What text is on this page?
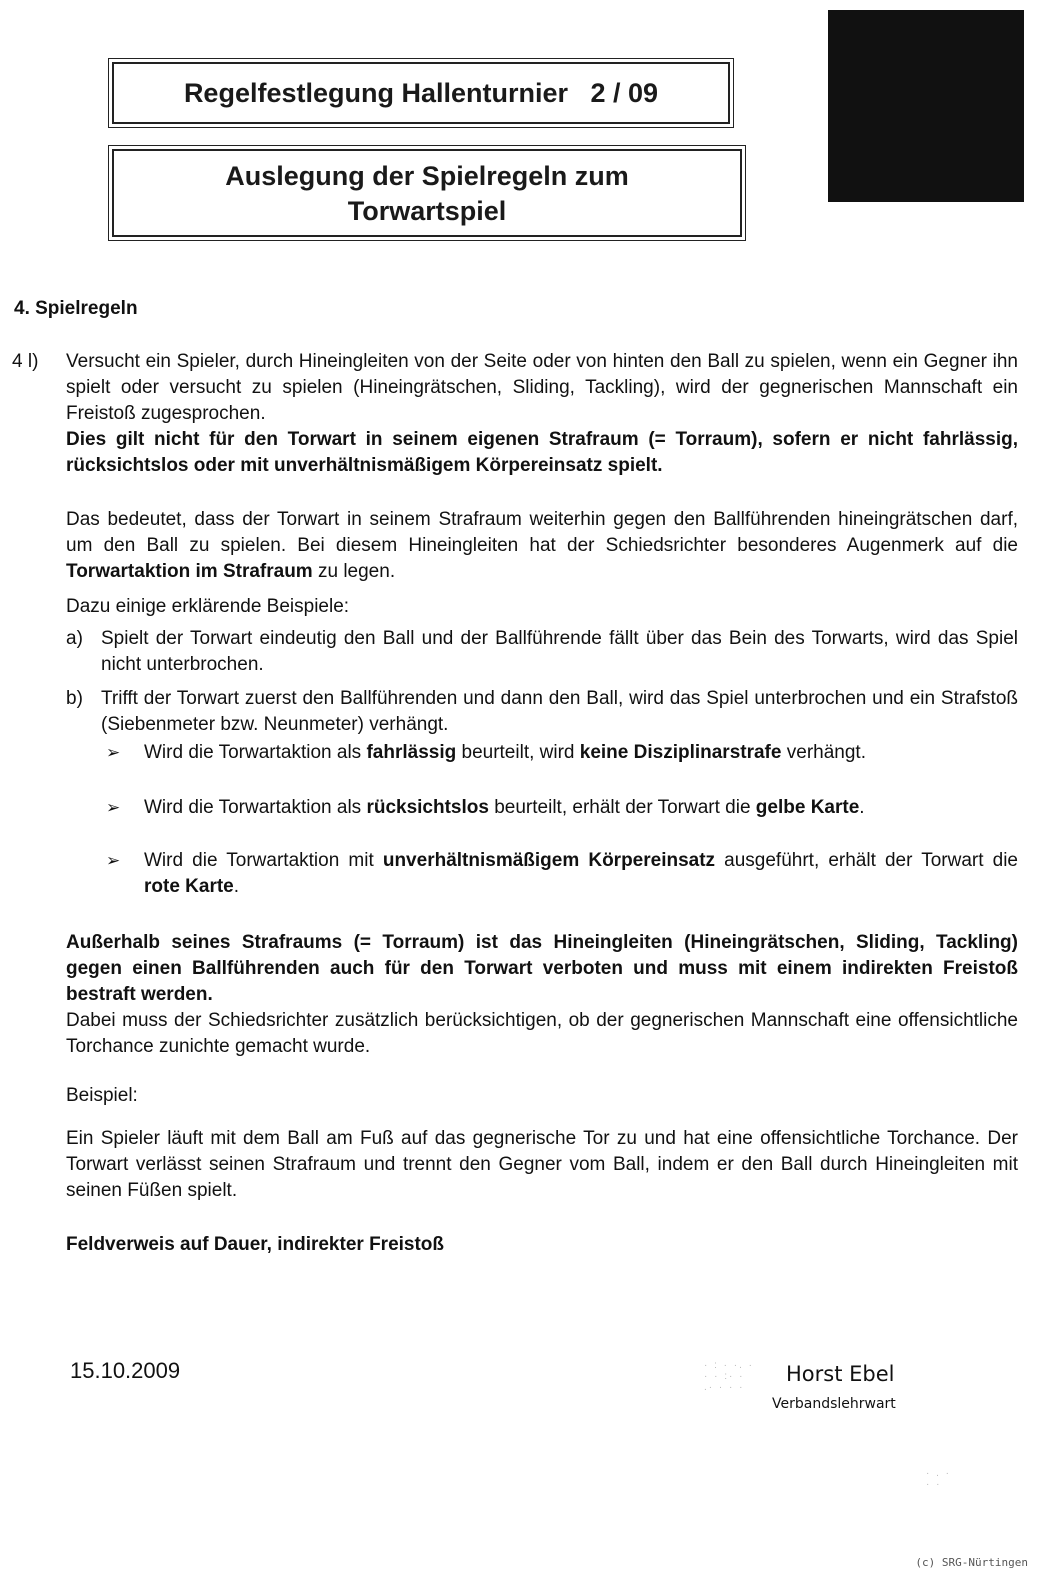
Regelfestlegung Hallenturnier   2 / 09
Auslegung der Spielregeln zum
Torwartspiel
4. Spielregeln
4 l) Versucht ein Spieler, durch Hineingleiten von der Seite oder von hinten den Ball zu spielen, wenn ein Gegner ihn spielt oder versucht zu spielen (Hineingrätschen, Sliding, Tackling), wird der gegnerischen Mannschaft ein Freistoß zugesprochen.
Dies gilt nicht für den Torwart in seinem eigenen Strafraum (= Torraum), sofern er nicht fahrlässig, rücksichtslos oder mit unverhältnismäßigem Körpereinsatz spielt.
Das bedeutet, dass der Torwart in seinem Strafraum weiterhin gegen den Ballführenden hineingrätschen darf, um den Ball zu spielen. Bei diesem Hineingleiten hat der Schiedsrichter besonderes Augenmerk auf die Torwartaktion im Strafraum zu legen.
Dazu einige erklärende Beispiele:
a) Spielt der Torwart eindeutig den Ball und der Ballführende fällt über das Bein des Torwarts, wird das Spiel nicht unterbrochen.
b) Trifft der Torwart zuerst den Ballführenden und dann den Ball, wird das Spiel unterbrochen und ein Strafstoß (Siebenmeter bzw. Neunmeter) verhängt.
➢ Wird die Torwartaktion als fahrlässig beurteilt, wird keine Disziplinarstrafe verhängt.
➢ Wird die Torwartaktion als rücksichtslos beurteilt, erhält der Torwart die gelbe Karte.
➢ Wird die Torwartaktion mit unverhältnismäßigem Körpereinsatz ausgeführt, erhält der Torwart die rote Karte.
Außerhalb seines Strafraums (= Torraum) ist das Hineingleiten (Hineingrätschen, Sliding, Tackling) gegen einen Ballführenden auch für den Torwart verboten und muss mit einem indirekten Freistoß bestraft werden.
Dabei muss der Schiedsrichter zusätzlich berücksichtigen, ob der gegnerischen Mannschaft eine offensichtliche Torchance zunichte gemacht wurde.
Beispiel:
Ein Spieler läuft mit dem Ball am Fuß auf das gegnerische Tor zu und hat eine offensichtliche Torchance. Der Torwart verlässt seinen Strafraum und trennt den Gegner vom Ball, indem er den Ball durch Hineingleiten mit seinen Füßen spielt.
Feldverweis auf Dauer, indirekter Freistoß
15.10.2009	· : · ·. ·
· · :· ·
.· · · ·
Horst Ebel
Verbandslehrwart
· . ·
· ·
(c) SRG-Nürtingen
